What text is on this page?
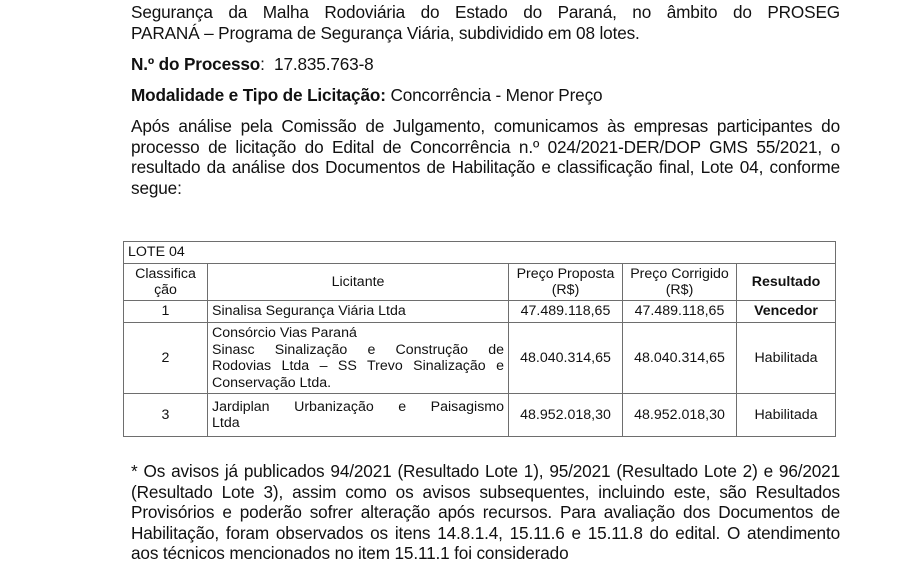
Segurança da Malha Rodoviária do Estado do Paraná, no âmbito do PROSEG

PARANÁ – Programa de Segurança Viária, subdividido em 08 lotes.

N.º do Processo:  17.835.763-8

Modalidade e Tipo de Licitação: Concorrência - Menor Preço

Após análise pela Comissão de Julgamento, comunicamos às empresas participantes do processo de licitação do Edital de Concorrência n.º 024/2021-DER/DOP GMS 55/2021, o resultado da análise dos Documentos de Habilitação e classificação final, Lote 04, conforme segue:

LOTE 04				
Classifica ção	Licitante	Preço Proposta (R$)	Preço Corrigido (R$)	Resultado
1	Sinalisa Segurança Viária Ltda	47.489.118,65	47.489.118,65	Vencedor
2	Consórcio Vias Paraná
Sinasc Sinalização e Construção de
Rodovias Ltda – SS Trevo Sinalização e
Conservação Ltda.	48.040.314,65	48.040.314,65	Habilitada
3	Jardiplan Urbanização e Paisagismo
Ltda	48.952.018,30	48.952.018,30	Habilitada

* Os avisos já publicados 94/2021 (Resultado Lote 1), 95/2021 (Resultado Lote 2) e 96/2021 (Resultado Lote 3), assim como os avisos subsequentes, incluindo este, são Resultados Provisórios e poderão sofrer alteração após recursos. Para avaliação dos Documentos de Habilitação, foram observados os itens 14.8.1.4, 15.11.6 e 15.11.8 do edital. O atendimento aos técnicos mencionados no item 15.11.1 foi considerado
